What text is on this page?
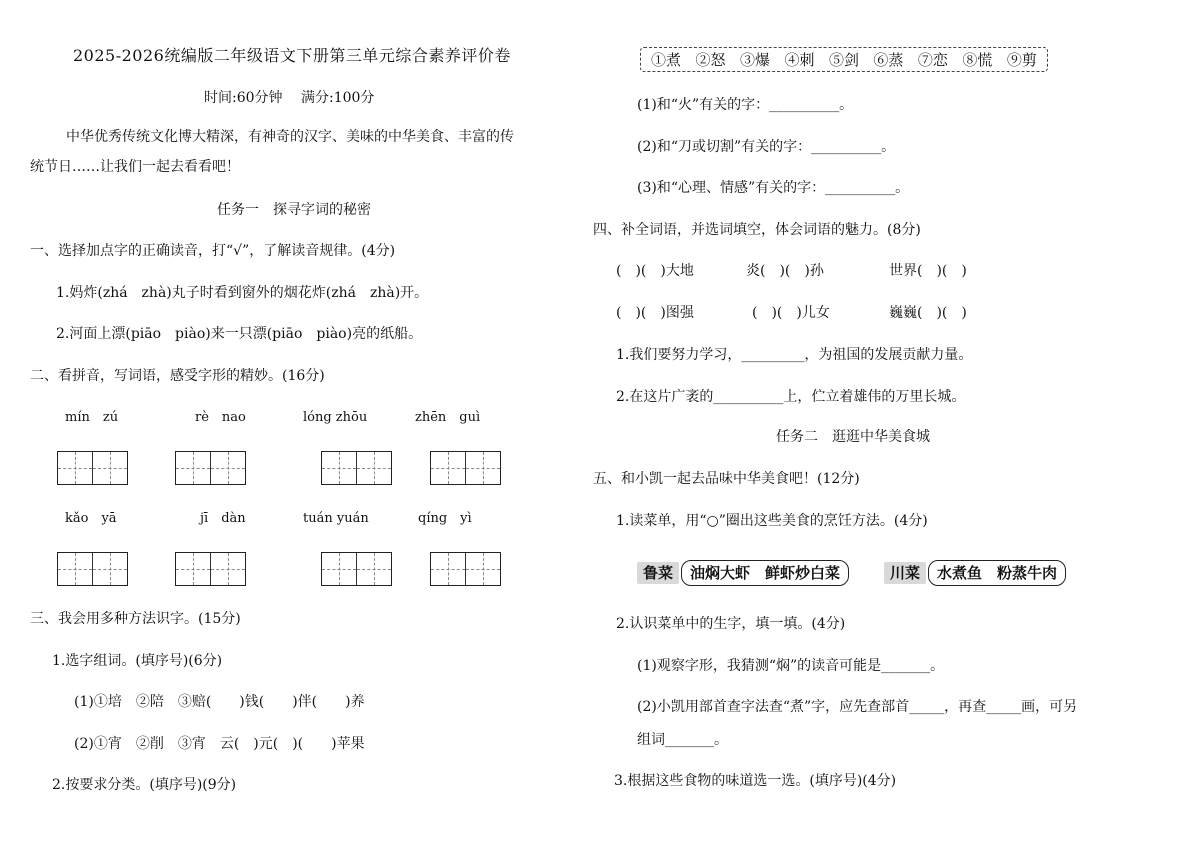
2025-2026统编版二年级语文下册第三单元综合素养评价卷
时间:60分钟　 满分:100分
中华优秀传统文化博大精深，有神奇的汉字、美味的中华美食、丰富的传
统节日……让我们一起去看看吧！
任务一　探寻字词的秘密
一、选择加点字的正确读音，打“√”，了解读音规律。(4分)
1.妈炸(zhá　zhà)丸子时看到窗外的烟花炸(zhá　zhà)开。
2.河面上漂(piāo　piào)来一只漂(piāo　piào)亮的纸船。
二、看拼音，写词语，感受字形的精妙。(16分)
mín　zú	rè　nao	lóng zhōu	zhēn　guì
kǎo　yā	jī　dàn	tuán yuán	qíng　yì
三、我会用多种方法识字。(15分)
1.选字组词。(填序号)(6分)
(1)①培　②陪　③赔(　　)钱(　　)伴(　　)养
(2)①宵　②削　③宵　云(　)元(　)(　　)苹果
2.按要求分类。(填序号)(9分)
①煮 ②怒 ③爆 ④刺 ⑤剑 ⑥蒸 ⑦恋 ⑧慌 ⑨剪
(1)和“火”有关的字：__________。
(2)和“刀或切割”有关的字：__________。
(3)和“心理、情感”有关的字：__________。
四、补全词语，并选词填空，体会词语的魅力。(8分)
(　)(　)大地	炎(　)(　)孙	世界(　)(　)
(　)(　)图强	(　)(　)儿女	巍巍(　)(　)
1.我们要努力学习，_________，为祖国的发展贡献力量。
2.在这片广袤的__________上，伫立着雄伟的万里长城。
任务二　逛逛中华美食城
五、和小凯一起去品味中华美食吧！(12分)
1.读菜单，用“○”圈出这些美食的烹饪方法。(4分)
鲁菜	油焖大虾　鲜虾炒白菜	川菜	水煮鱼　粉蒸牛肉
2.认识菜单中的生字，填一填。(4分)
(1)观察字形，我猜测“焖”的读音可能是_______。
(2)小凯用部首查字法查“煮”字，应先查部首_____，再查_____画，可另
组词_______。
3.根据这些食物的味道选一选。(填序号)(4分)
